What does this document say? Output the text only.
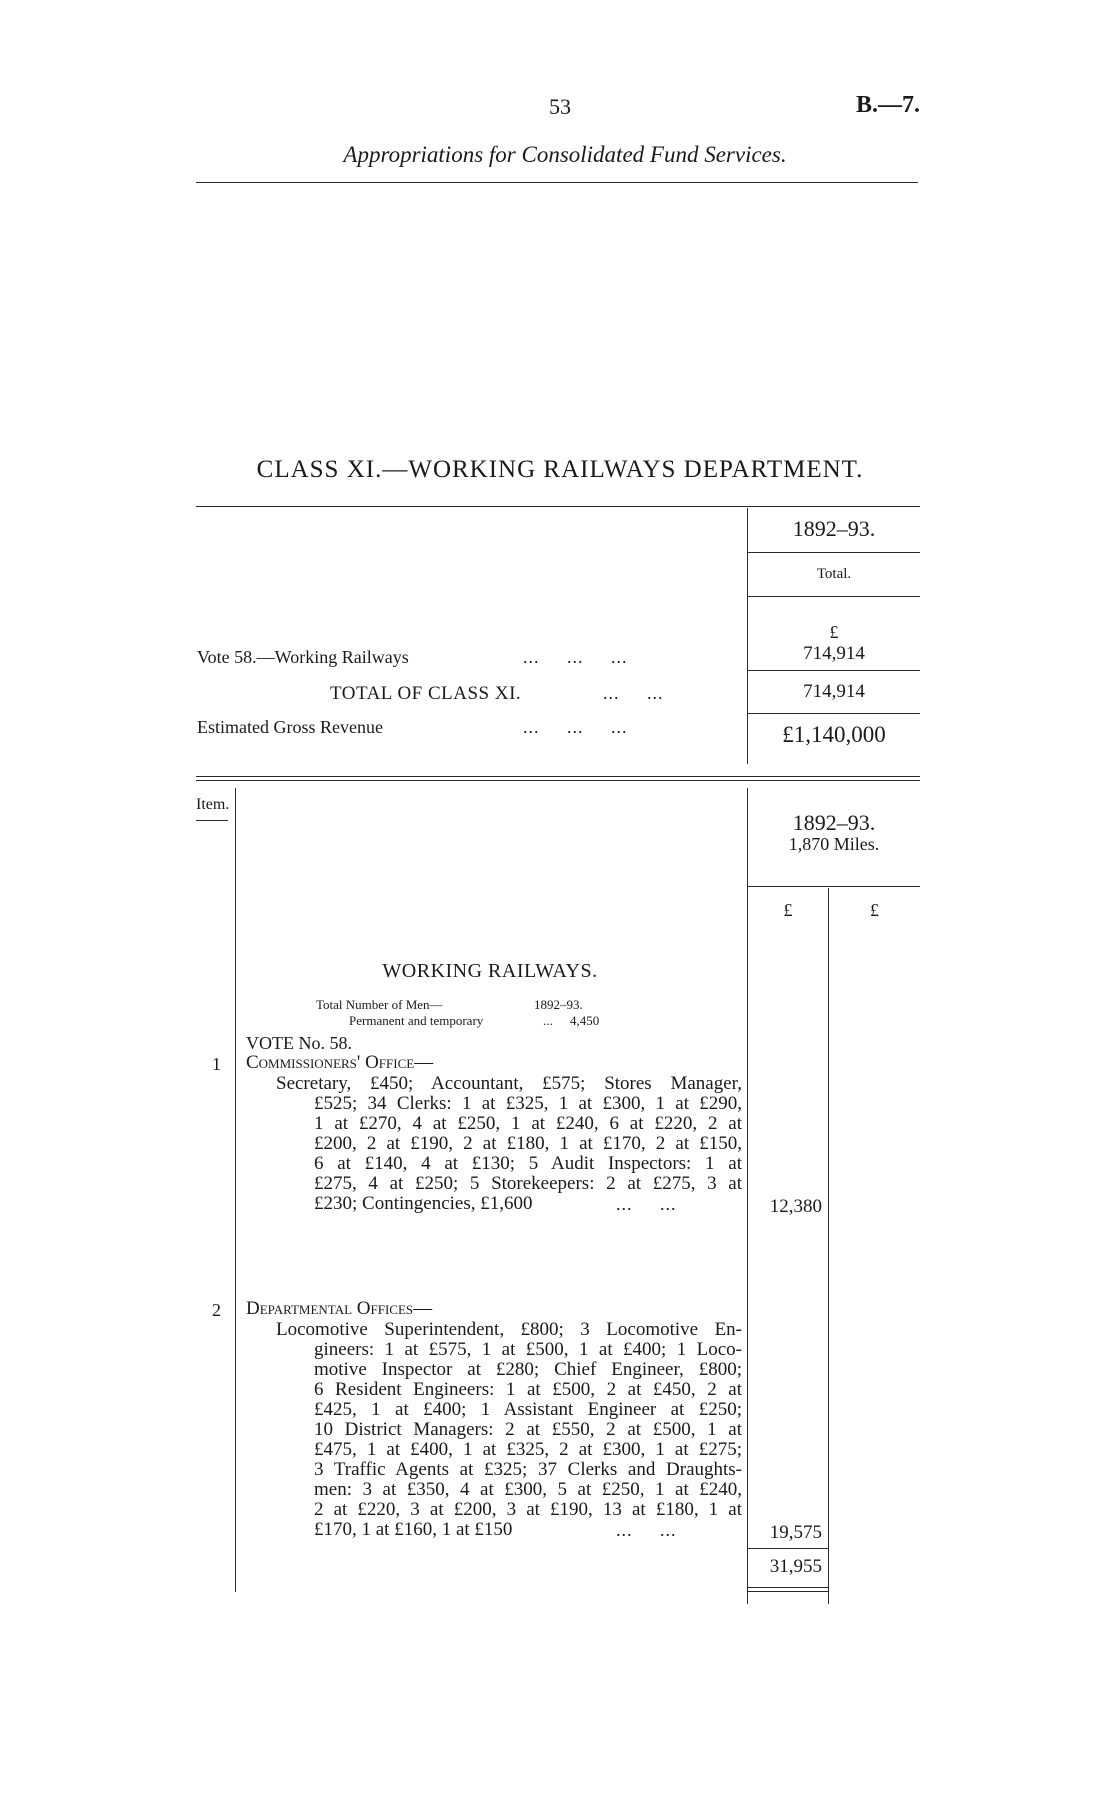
53	B.—7.
Appropriations for Consolidated Fund Services.
CLASS XI.—WORKING RAILWAYS DEPARTMENT.
1892–93.
Total.
£
Vote 58.—Working Railways	...     ...     ...	714,914
TOTAL OF CLASS XI.	...     ...	714,914
Estimated Gross Revenue	...     ...     ...	£1,140,000
Item.
1892–93.
1,870 Miles.
£	£
WORKING RAILWAYS.
Total Number of Men—	1892–93.
Permanent and temporary	... 4,450
VOTE No. 58.
1 Commissioners' Office—
Secretary, £450; Accountant, £575; Stores Manager,
£525; 34 Clerks: 1 at £325, 1 at £300, 1 at £290,
1 at £270, 4 at £250, 1 at £240, 6 at £220, 2 at
£200, 2 at £190, 2 at £180, 1 at £170, 2 at £150,
6 at £140, 4 at £130; 5 Audit Inspectors: 1 at
£275, 4 at £250; 5 Storekeepers: 2 at £275, 3 at
£230; Contingencies, £1,600	...     ...	12,380
2 Departmental Offices—
Locomotive Superintendent, £800; 3 Locomotive En-
gineers: 1 at £575, 1 at £500, 1 at £400; 1 Loco-
motive Inspector at £280; Chief Engineer, £800;
6 Resident Engineers: 1 at £500, 2 at £450, 2 at
£425, 1 at £400; 1 Assistant Engineer at £250;
10 District Managers: 2 at £550, 2 at £500, 1 at
£475, 1 at £400, 1 at £325, 2 at £300, 1 at £275;
3 Traffic Agents at £325; 37 Clerks and Draughts-
men: 3 at £350, 4 at £300, 5 at £250, 1 at £240,
2 at £220, 3 at £200, 3 at £190, 13 at £180, 1 at
£170, 1 at £160, 1 at £150	...     ...	19,575
31,955
